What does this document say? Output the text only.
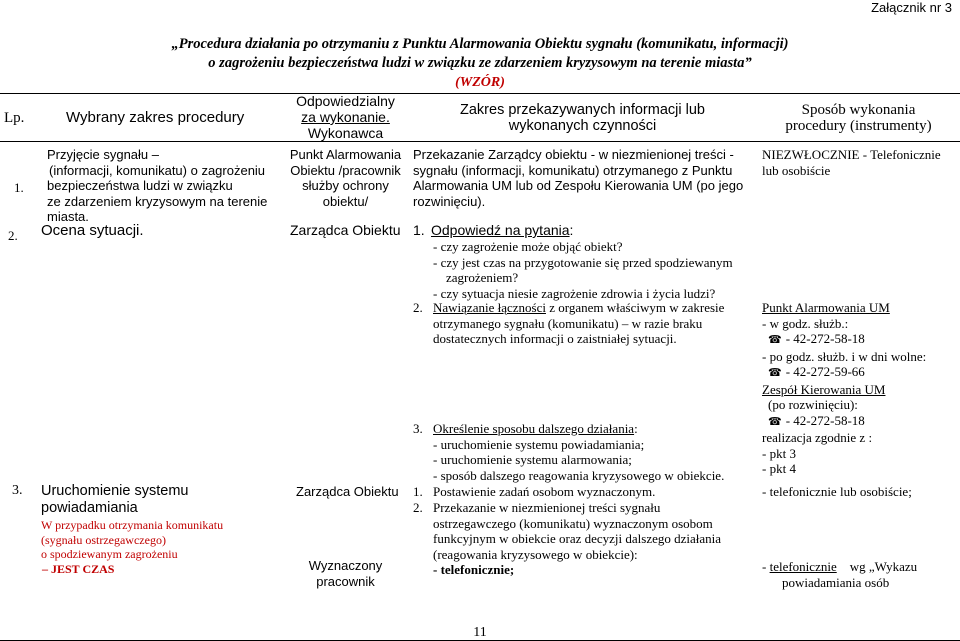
Załącznik nr 3
„Procedura działania po otrzymaniu z Punktu Alarmowania Obiektu sygnału (komunikatu, informacji)
o zagrożeniu bezpieczeństwa ludzi w związku ze zdarzeniem kryzysowym na terenie miasta”
(WZÓR)
Lp.	Wybrany zakres procedury
Odpowiedzialny
za wykonanie.
Wykonawca
Zakres przekazywanych informacji lub
wykonanych czynności
Sposób wykonania
procedury (instrumenty)
1.
Przyjęcie sygnału –
(informacji, komunikatu) o zagrożeniu
bezpieczeństwa ludzi w związku
ze zdarzeniem kryzysowym na terenie
miasta.
Punkt Alarmowania
Obiektu /pracownik
służby ochrony
obiektu/
Przekazanie Zarządcy obiektu - w niezmienionej treści -
sygnału (informacji, komunikatu) otrzymanego z Punktu
Alarmowania UM lub od Zespołu Kierowania UM (po jego
rozwinięciu).
NIEZWŁOCZNIE - Telefonicznie
lub osobiście
2. Ocena sytuacji.	Zarządca Obiektu 1. Odpowiedź na pytania:
- czy zagrożenie może objąć obiekt?
- czy jest czas na przygotowanie się przed spodziewanym
zagrożeniem?
- czy sytuacja niesie zagrożenie zdrowia i życia ludzi?
2. Nawiązanie łączności z organem właściwym w zakresie
otrzymanego sygnału (komunikatu) – w razie braku
dostatecznych informacji o zaistniałej sytuacji.
3. Określenie sposobu dalszego działania:
- uruchomienie systemu powiadamiania;
- uruchomienie systemu alarmowania;
- sposób dalszego reagowania kryzysowego w obiekcie.
Punkt Alarmowania UM
- w godz. służb.:
☎ - 42-272-58-18
- po godz. służb. i w dni wolne:
☎ - 42-272-59-66
Zespół Kierowania UM
(po rozwinięciu):
☎ - 42-272-58-18
realizacja zgodnie z :
- pkt 3
- pkt 4
3. Uruchomienie systemu
powiadamiania
W przypadku otrzymania komunikatu
(sygnału ostrzegawczego)
o spodziewanym zagrożeniu
– JEST CZAS
Zarządca Obiektu
Wyznaczony
pracownik
1. Postawienie zadań osobom wyznaczonym.
2. Przekazanie w niezmienionej treści sygnału
ostrzegawczego (komunikatu) wyznaczonym osobom
funkcyjnym w obiekcie oraz decyzji dalszego działania
(reagowania kryzysowego w obiekcie):
- telefonicznie;
- telefonicznie lub osobiście;
- telefonicznie    wg „Wykazu
powiadamiania osób
11
